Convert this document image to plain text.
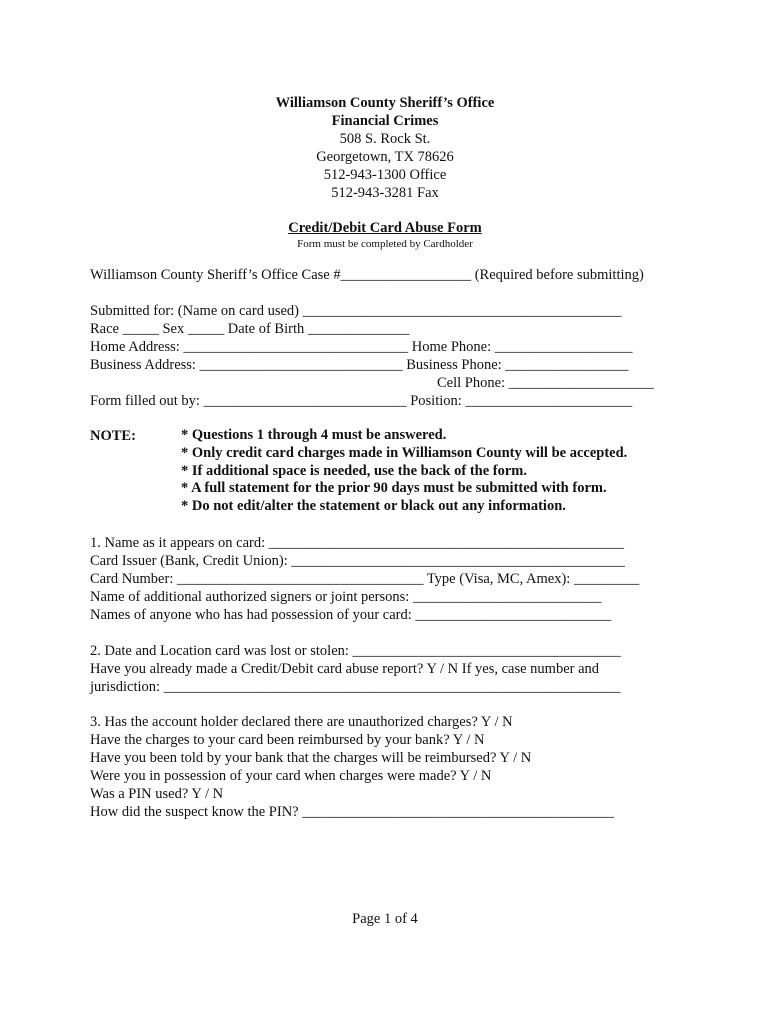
Williamson County Sheriff’s Office
Financial Crimes
508 S. Rock St.
Georgetown, TX 78626
512-943-1300 Office
512-943-3281 Fax
Credit/Debit Card Abuse Form
Form must be completed by Cardholder
Williamson County Sheriff’s Office Case #__________________ (Required before submitting)
Submitted for: (Name on card used) ____________________________________________
Race _____ Sex _____ Date of Birth ______________
Home Address: _______________________________ Home Phone: ___________________
Business Address: ____________________________ Business Phone: _________________
Cell Phone: ____________________
Form filled out by: ____________________________ Position: _______________________
NOTE:	* Questions 1 through 4 must be answered.
* Only credit card charges made in Williamson County will be accepted.
* If additional space is needed, use the back of the form.
* A full statement for the prior 90 days must be submitted with form.
* Do not edit/alter the statement or black out any information.
1. Name as it appears on card: _________________________________________________
Card Issuer (Bank, Credit Union): ______________________________________________
Card Number: __________________________________ Type (Visa, MC, Amex): _________
Name of additional authorized signers or joint persons: __________________________
Names of anyone who has had possession of your card: ___________________________
2. Date and Location card was lost or stolen: _____________________________________
Have you already made a Credit/Debit card abuse report? Y / N If yes, case number and
jurisdiction: _______________________________________________________________
3. Has the account holder declared there are unauthorized charges? Y / N
Have the charges to your card been reimbursed by your bank? Y / N
Have you been told by your bank that the charges will be reimbursed? Y / N
Were you in possession of your card when charges were made? Y / N
Was a PIN used? Y / N
How did the suspect know the PIN? ___________________________________________
Page 1 of 4
